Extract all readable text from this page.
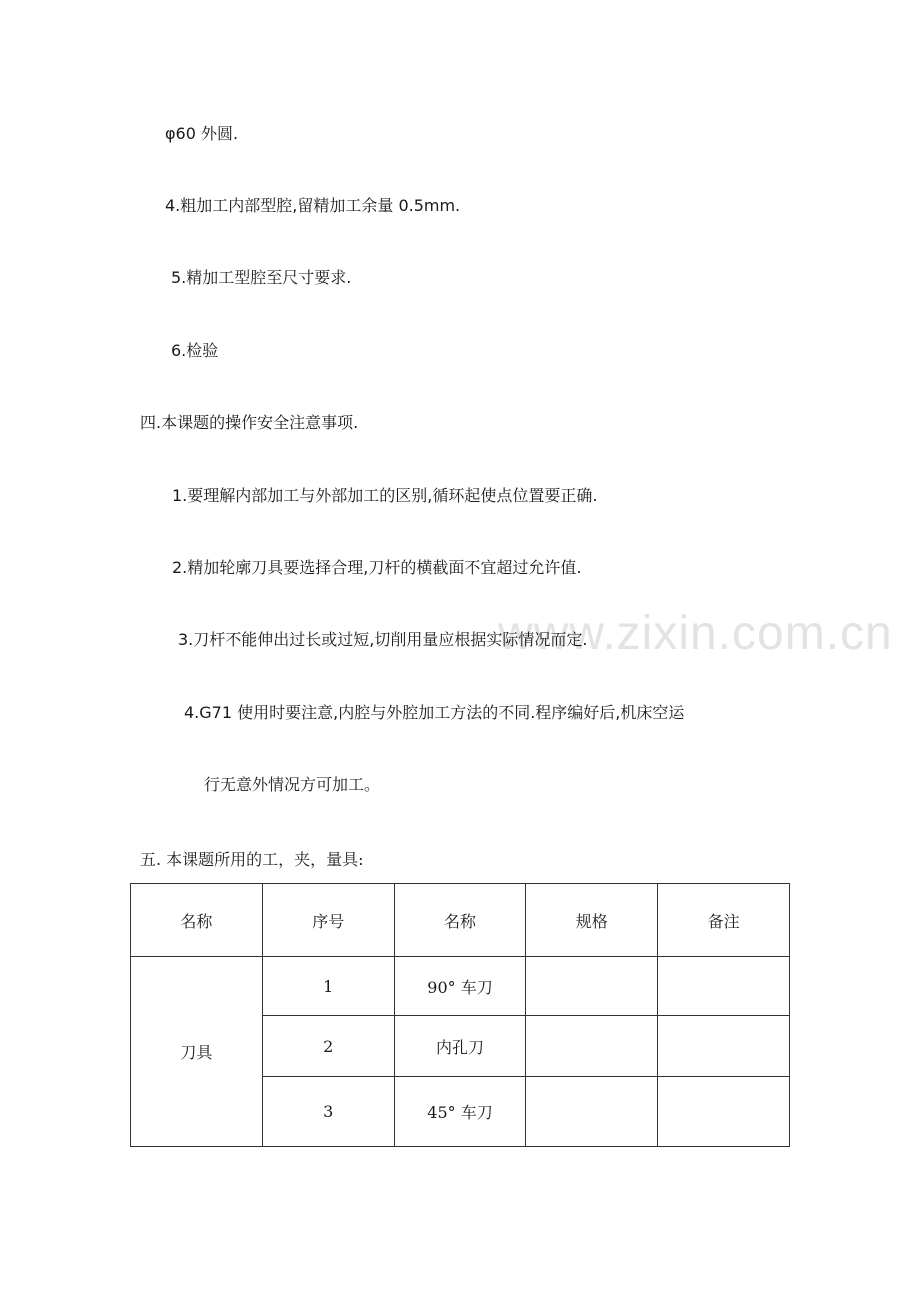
www.zixin.com.cn
φ60 外圆.
4.粗加工内部型腔,留精加工余量 0.5mm.
5.精加工型腔至尺寸要求.
6.检验
四.本课题的操作安全注意事项.
1.要理解内部加工与外部加工的区别,循环起使点位置要正确.
2.精加轮廓刀具要选择合理,刀杆的横截面不宜超过允许值.
3.刀杆不能伸出过长或过短,切削用量应根据实际情况而定.
4.G71 使用时要注意,内腔与外腔加工方法的不同.程序编好后,机床空运
行无意外情况方可加工。
五. 本课题所用的工，夹，量具:
名称	序号	名称	规格	备注
刀具	1	90° 车刀		
	2	内孔刀		
	3	45° 车刀		
